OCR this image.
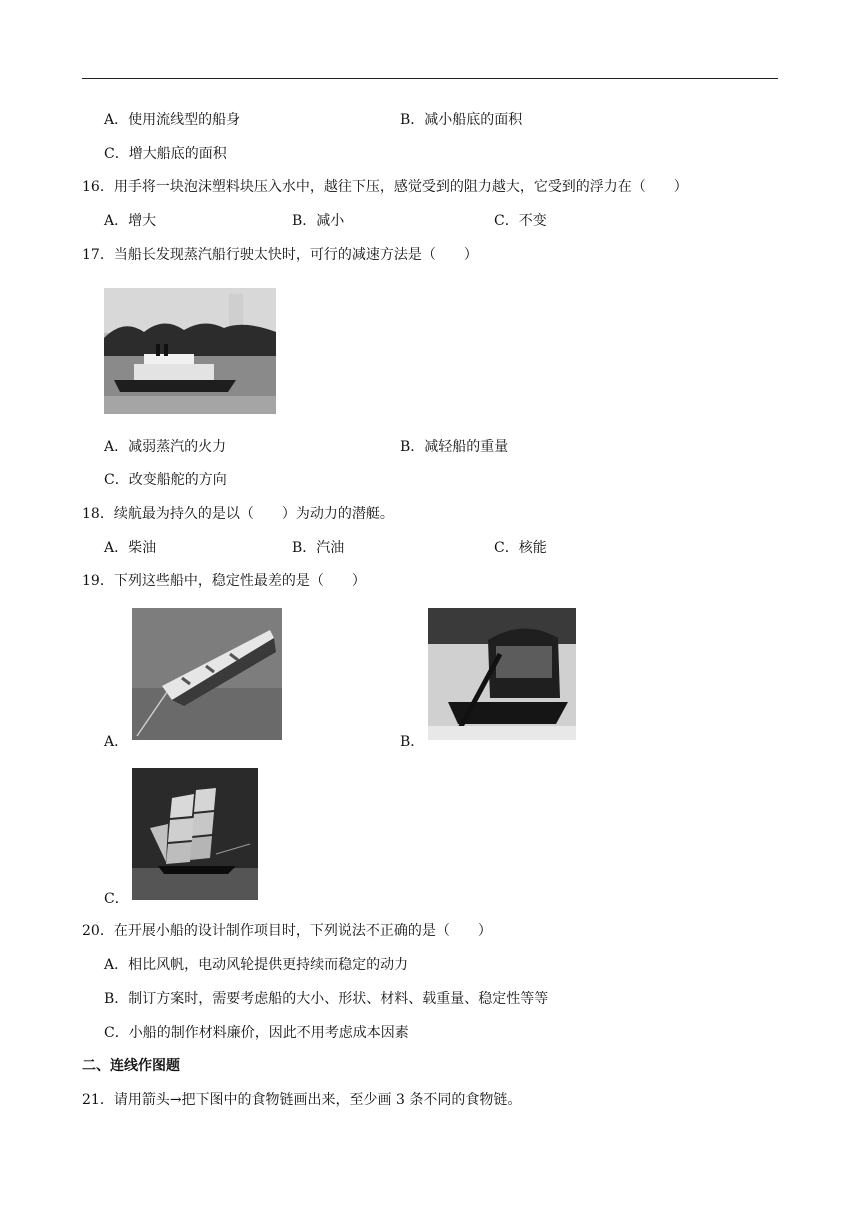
A．使用流线型的船身	B．减小船底的面积
C．增大船底的面积
16．用手将一块泡沫塑料块压入水中，越往下压，感觉受到的阻力越大，它受到的浮力在（　　）
A．增大	B．减小	C．不变
17．当船长发现蒸汽船行驶太快时，可行的减速方法是（　　）
A．减弱蒸汽的火力	B．减轻船的重量
C．改变船舵的方向
18．续航最为持久的是以（　　）为动力的潜艇。
A．柴油	B．汽油	C．核能
19．下列这些船中，稳定性最差的是（　　）
A．	B．
C．
20．在开展小船的设计制作项目时，下列说法不正确的是（　　）
A．相比风帆，电动风轮提供更持续而稳定的动力
B．制订方案时，需要考虑船的大小、形状、材料、载重量、稳定性等等
C．小船的制作材料廉价，因此不用考虑成本因素
二、连线作图题
21．请用箭头→把下图中的食物链画出来，至少画 3 条不同的食物链。
